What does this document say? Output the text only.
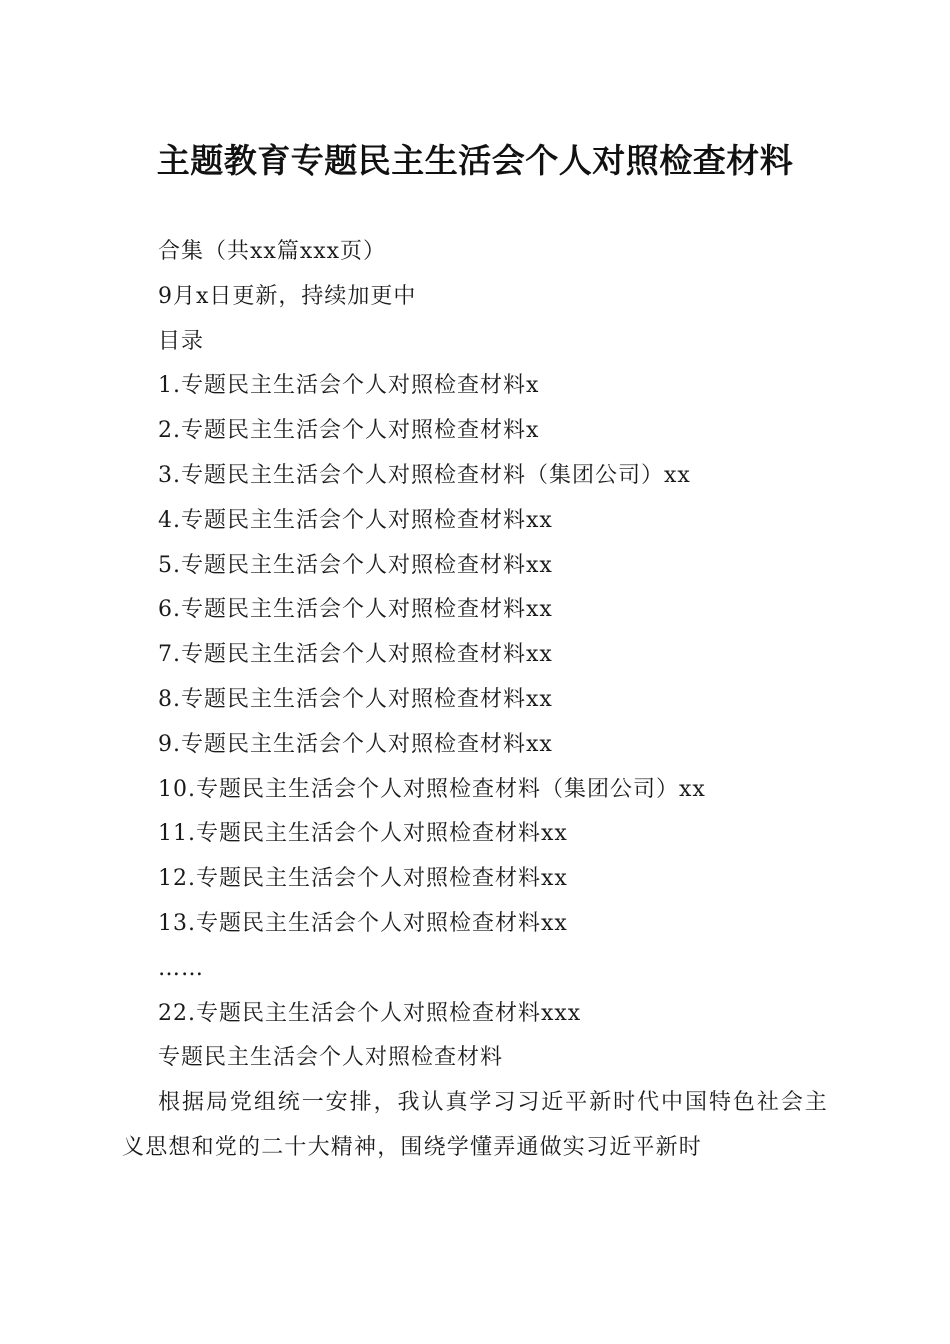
主题教育专题民主生活会个人对照检查材料
合集（共xx篇xxx页）
9月x日更新，持续加更中
目录
1.专题民主生活会个人对照检查材料x
2.专题民主生活会个人对照检查材料x
3.专题民主生活会个人对照检查材料（集团公司）xx
4.专题民主生活会个人对照检查材料xx
5.专题民主生活会个人对照检查材料xx
6.专题民主生活会个人对照检查材料xx
7.专题民主生活会个人对照检查材料xx
8.专题民主生活会个人对照检查材料xx
9.专题民主生活会个人对照检查材料xx
10.专题民主生活会个人对照检查材料（集团公司）xx
11.专题民主生活会个人对照检查材料xx
12.专题民主生活会个人对照检查材料xx
13.专题民主生活会个人对照检查材料xx
……
22.专题民主生活会个人对照检查材料xxx
专题民主生活会个人对照检查材料
根据局党组统一安排，我认真学习习近平新时代中国特色社会主义思想和党的二十大精神，围绕学懂弄通做实习近平新时
